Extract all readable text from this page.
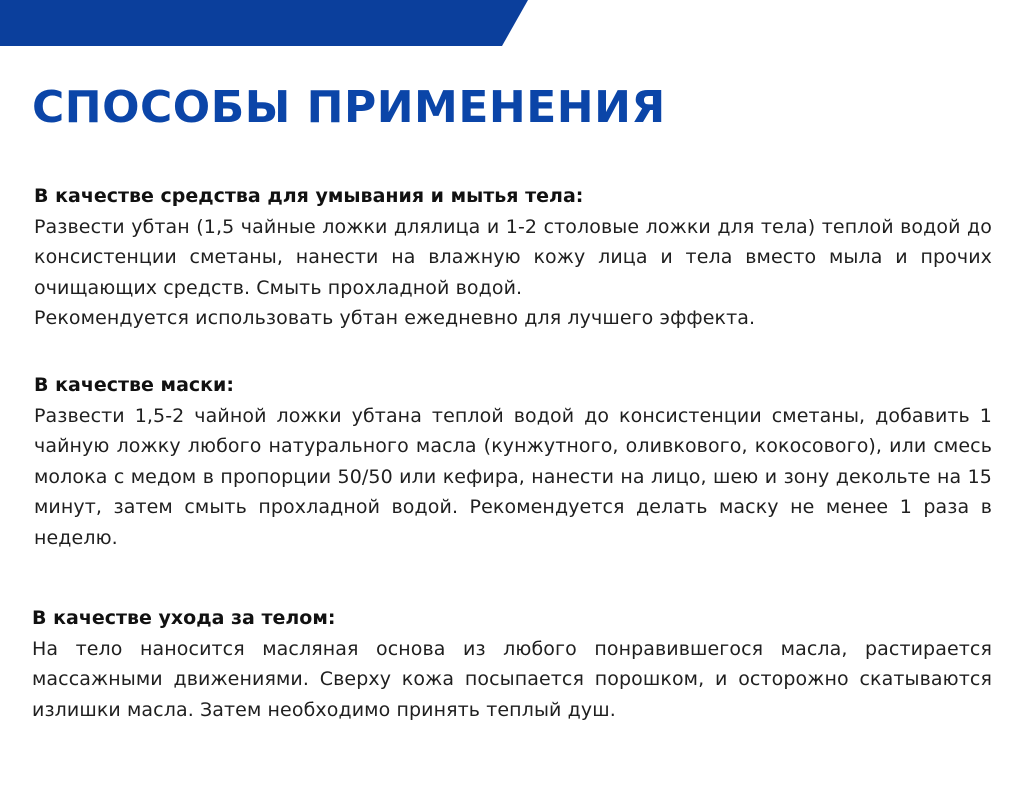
СПОСОБЫ ПРИМЕНЕНИЯ
В качестве средства для умывания и мытья тела:

Развести убтан (1,5 чайные ложки длялица и 1-2 столовые ложки для тела) теплой водой до консистенции сметаны, нанести на влажную кожу лица и тела вместо мыла и прочих очищающих средств. Смыть прохладной водой.

Рекомендуется использовать убтан ежедневно для лучшего эффекта.

В качестве маски:

Развести 1,5-2 чайной ложки убтана теплой водой до консистенции сметаны, добавить 1 чайную ложку любого натурального масла (кунжутного, оливкового, кокосового), или смесь молока с медом в пропорции 50/50 или кефира, нанести на лицо, шею и зону декольте на 15 минут, затем смыть прохладной водой. Рекомендуется делать маску не менее 1 раза в неделю.

В качестве ухода за телом:

На тело наносится масляная основа из любого понравившегося масла, растирается массажными движениями. Сверху кожа посыпается порошком, и осторожно скатываются излишки масла. Затем необходимо принять теплый душ.
